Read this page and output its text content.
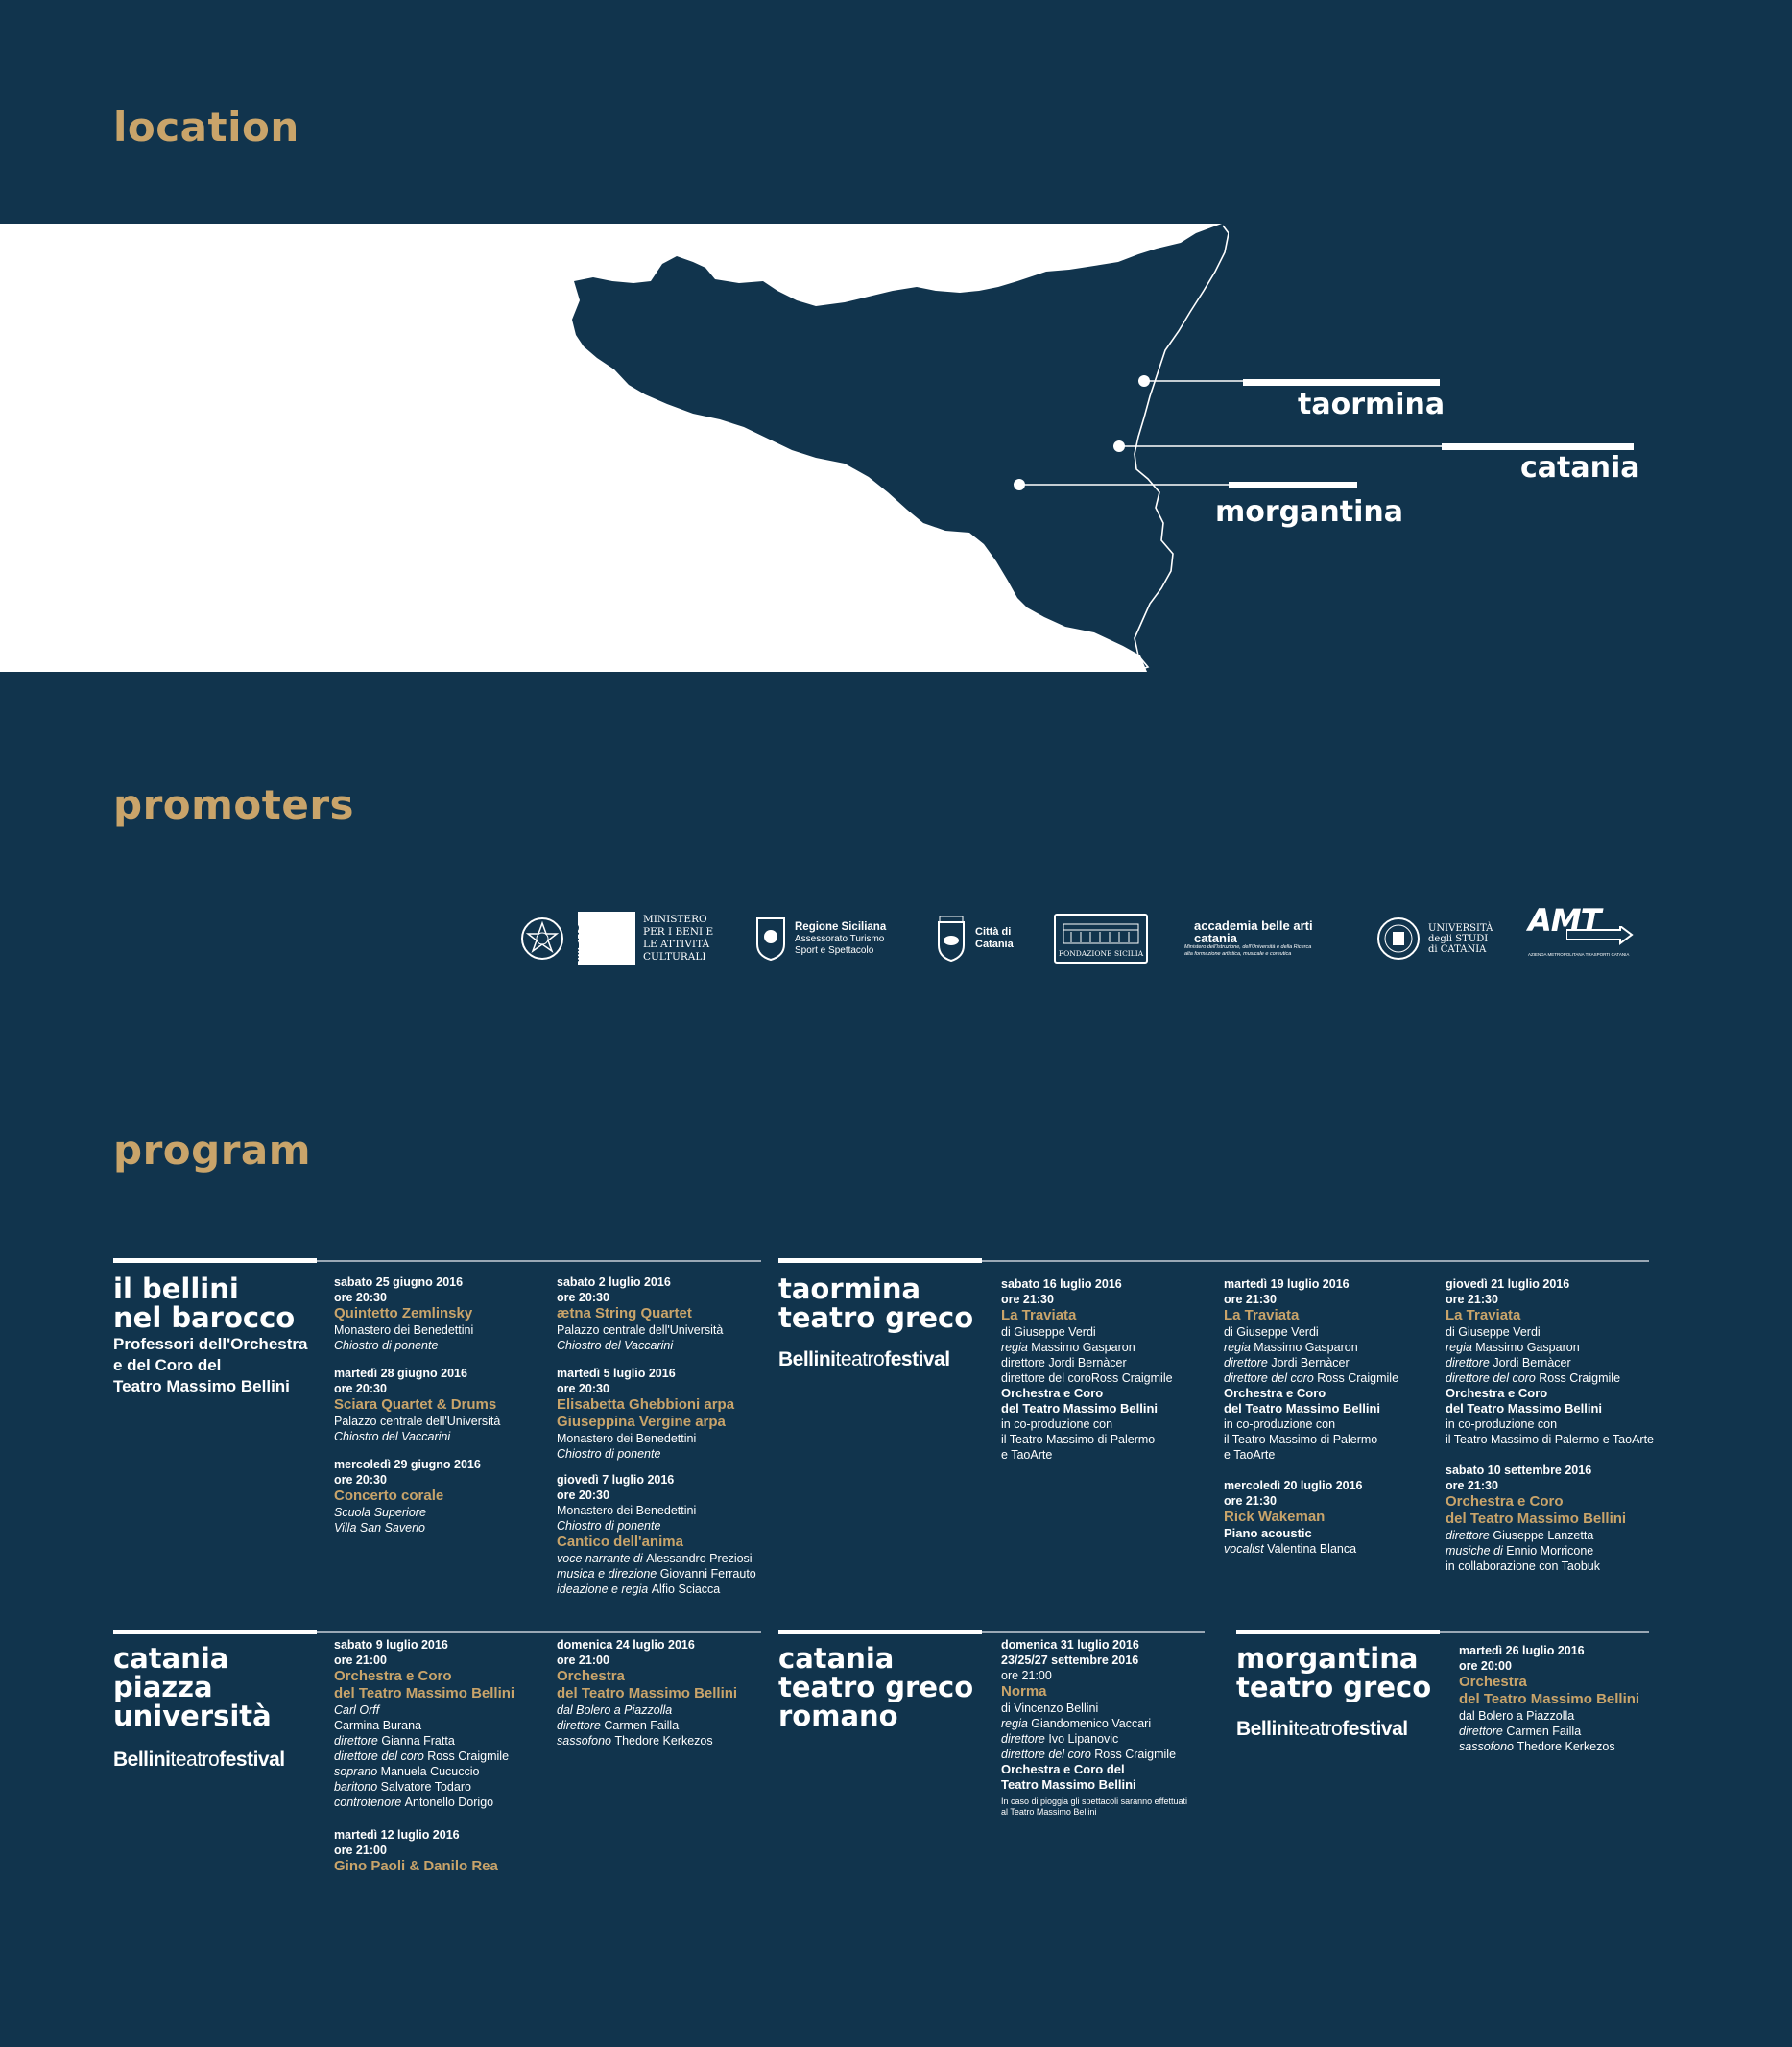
location
promoters
program
taormina
catania
morgantina
MiBAC
MINISTERO
PER I BENI E
LE ATTIVITÀ
CULTURALI
Regione Siciliana
Assessorato Turismo
Sport e Spettacolo
Città di
Catania
FONDAZIONE SICILIA
accademia belle arti
catania
Ministero dell'Istruzione, dell'Università e della Ricerca
alta formazione artistica, musicale e coreutica
UNIVERSITÀ
degli STUDI
di CATANIA
AMT
AZIENDA METROPOLITANA TRASPORTI CATANIA
il bellini
nel barocco
Professori dell'Orchestra
e del Coro del
Teatro Massimo Bellini

sabato 25 giugno 2016

ore 20:30

Quintetto Zemlinsky

Monastero dei Benedettini

Chiostro di ponente

martedì 28 giugno 2016

ore 20:30

Sciara Quartet & Drums

Palazzo centrale dell'Università

Chiostro del Vaccarini

mercoledì 29 giugno 2016

ore 20:30

Concerto corale

Scuola Superiore

Villa San Saverio

sabato 2 luglio 2016

ore 20:30

ætna String Quartet

Palazzo centrale dell'Università

Chiostro del Vaccarini

martedì 5 luglio 2016

ore 20:30

Elisabetta Ghebbioni arpa

Giuseppina Vergine arpa

Monastero dei Benedettini

Chiostro di ponente

giovedì 7 luglio 2016

ore 20:30

Monastero dei Benedettini

Chiostro di ponente

Cantico dell'anima

voce narrante di Alessandro Preziosi

musica e direzione Giovanni Ferrauto

ideazione e regia Alfio Sciacca

taormina
teatro greco
Belliniteatrofestival

sabato 16 luglio 2016

ore 21:30

La Traviata

di Giuseppe Verdi

regia Massimo Gasparon

direttore Jordi Bernàcer

direttore del coroRoss Craigmile

Orchestra e Coro

del Teatro Massimo Bellini

in co-produzione con
il Teatro Massimo di Palermo
e TaoArte

martedì 19 luglio 2016

ore 21:30

La Traviata

di Giuseppe Verdi

regia Massimo Gasparon

direttore Jordi Bernàcer

direttore del coro Ross Craigmile

Orchestra e Coro

del Teatro Massimo Bellini

in co-produzione con
il Teatro Massimo di Palermo
e TaoArte

mercoledì 20 luglio 2016

ore 21:30

Rick Wakeman

Piano acoustic

vocalist Valentina Blanca

giovedì 21 luglio 2016

ore 21:30

La Traviata

di Giuseppe Verdi

regia Massimo Gasparon

direttore Jordi Bernàcer

direttore del coro Ross Craigmile

Orchestra e Coro

del Teatro Massimo Bellini

in co-produzione con
il Teatro Massimo di Palermo e TaoArte

sabato 10 settembre 2016

ore 21:30

Orchestra e Coro

del Teatro Massimo Bellini

direttore Giuseppe Lanzetta

musiche di Ennio Morricone

in collaborazione con Taobuk

catania
piazza
università
Belliniteatrofestival

sabato 9 luglio 2016

ore 21:00

Orchestra e Coro

del Teatro Massimo Bellini

Carl Orff

Carmina Burana

direttore Gianna Fratta

direttore del coro Ross Craigmile

soprano Manuela Cucuccio

baritono Salvatore Todaro

controtenore Antonello Dorigo

martedì 12 luglio 2016

ore 21:00

Gino Paoli & Danilo Rea

domenica 24 luglio 2016

ore 21:00

Orchestra

del Teatro Massimo Bellini

dal Bolero a Piazzolla

direttore Carmen Failla

sassofono Thedore Kerkezos

catania
teatro greco
romano

domenica 31 luglio 2016

23/25/27 settembre 2016

ore 21:00

Norma

di Vincenzo Bellini

regia Giandomenico Vaccari

direttore Ivo Lipanovic

direttore del coro Ross Craigmile

Orchestra e Coro del

Teatro Massimo Bellini

In caso di pioggia gli spettacoli saranno effettuati
al Teatro Massimo Bellini

morgantina
teatro greco
Belliniteatrofestival

martedì 26 luglio 2016

ore 20:00

Orchestra

del Teatro Massimo Bellini

dal Bolero a Piazzolla

direttore Carmen Failla

sassofono Thedore Kerkezos
